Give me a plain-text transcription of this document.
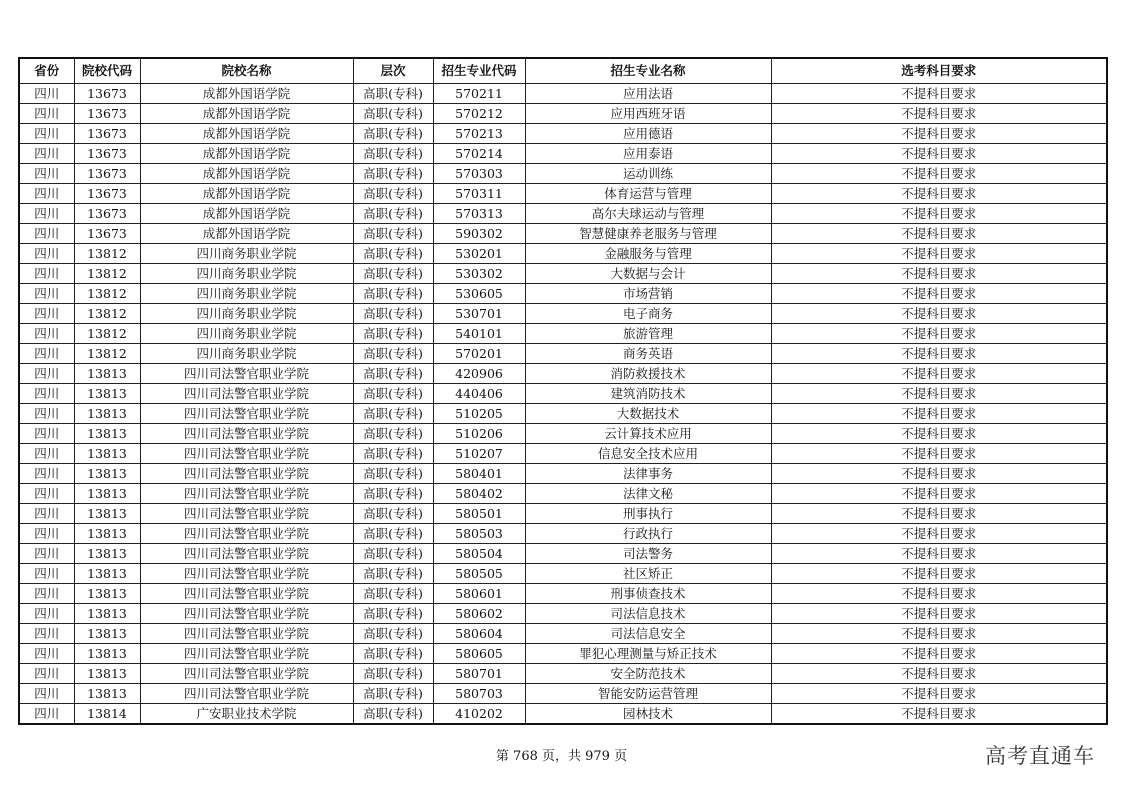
省份	院校代码	院校名称	层次	招生专业代码	招生专业名称	选考科目要求
四川	13673	成都外国语学院	高职(专科)	570211	应用法语	不提科目要求
四川	13673	成都外国语学院	高职(专科)	570212	应用西班牙语	不提科目要求
四川	13673	成都外国语学院	高职(专科)	570213	应用德语	不提科目要求
四川	13673	成都外国语学院	高职(专科)	570214	应用泰语	不提科目要求
四川	13673	成都外国语学院	高职(专科)	570303	运动训练	不提科目要求
四川	13673	成都外国语学院	高职(专科)	570311	体育运营与管理	不提科目要求
四川	13673	成都外国语学院	高职(专科)	570313	高尔夫球运动与管理	不提科目要求
四川	13673	成都外国语学院	高职(专科)	590302	智慧健康养老服务与管理	不提科目要求
四川	13812	四川商务职业学院	高职(专科)	530201	金融服务与管理	不提科目要求
四川	13812	四川商务职业学院	高职(专科)	530302	大数据与会计	不提科目要求
四川	13812	四川商务职业学院	高职(专科)	530605	市场营销	不提科目要求
四川	13812	四川商务职业学院	高职(专科)	530701	电子商务	不提科目要求
四川	13812	四川商务职业学院	高职(专科)	540101	旅游管理	不提科目要求
四川	13812	四川商务职业学院	高职(专科)	570201	商务英语	不提科目要求
四川	13813	四川司法警官职业学院	高职(专科)	420906	消防救援技术	不提科目要求
四川	13813	四川司法警官职业学院	高职(专科)	440406	建筑消防技术	不提科目要求
四川	13813	四川司法警官职业学院	高职(专科)	510205	大数据技术	不提科目要求
四川	13813	四川司法警官职业学院	高职(专科)	510206	云计算技术应用	不提科目要求
四川	13813	四川司法警官职业学院	高职(专科)	510207	信息安全技术应用	不提科目要求
四川	13813	四川司法警官职业学院	高职(专科)	580401	法律事务	不提科目要求
四川	13813	四川司法警官职业学院	高职(专科)	580402	法律文秘	不提科目要求
四川	13813	四川司法警官职业学院	高职(专科)	580501	刑事执行	不提科目要求
四川	13813	四川司法警官职业学院	高职(专科)	580503	行政执行	不提科目要求
四川	13813	四川司法警官职业学院	高职(专科)	580504	司法警务	不提科目要求
四川	13813	四川司法警官职业学院	高职(专科)	580505	社区矫正	不提科目要求
四川	13813	四川司法警官职业学院	高职(专科)	580601	刑事侦查技术	不提科目要求
四川	13813	四川司法警官职业学院	高职(专科)	580602	司法信息技术	不提科目要求
四川	13813	四川司法警官职业学院	高职(专科)	580604	司法信息安全	不提科目要求
四川	13813	四川司法警官职业学院	高职(专科)	580605	罪犯心理测量与矫正技术	不提科目要求
四川	13813	四川司法警官职业学院	高职(专科)	580701	安全防范技术	不提科目要求
四川	13813	四川司法警官职业学院	高职(专科)	580703	智能安防运营管理	不提科目要求
四川	13814	广安职业技术学院	高职(专科)	410202	园林技术	不提科目要求
第 768 页，共 979 页	高考直通车
